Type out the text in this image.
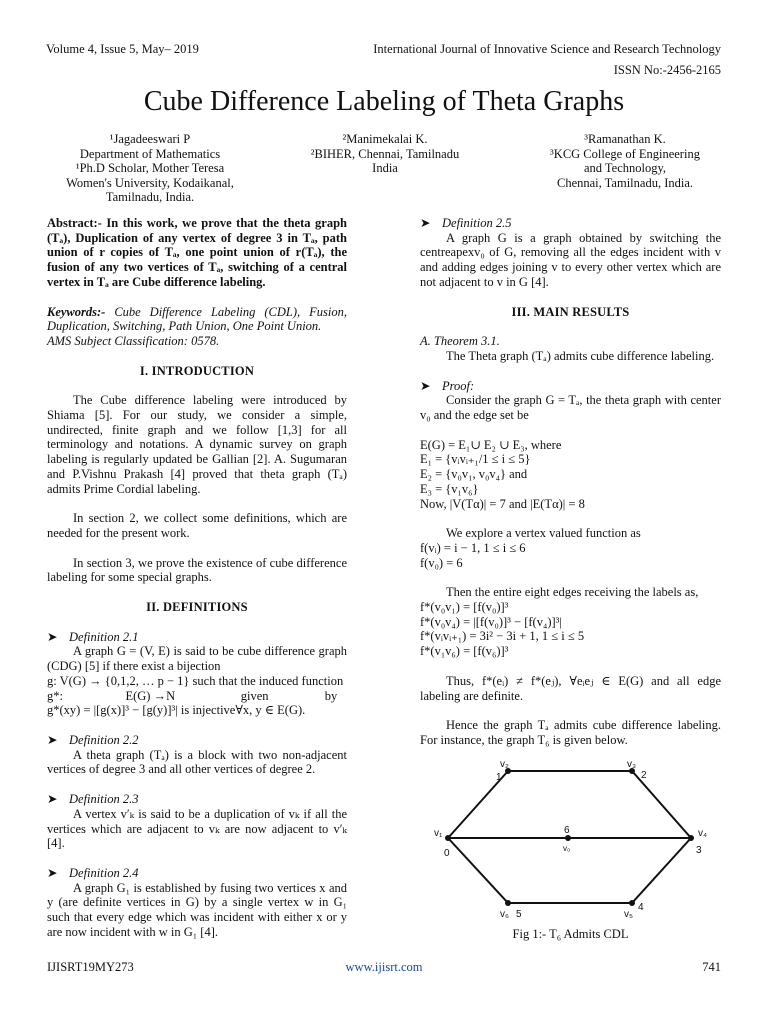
Volume 4, Issue 5, May– 2019	International Journal of Innovative Science and Research Technology
ISSN No:-2456-2165
Cube Difference Labeling of Theta Graphs
¹Jagadeeswari P
Department of Mathematics
¹Ph.D Scholar, Mother Teresa
Women's University, Kodaikanal,
Tamilnadu, India.
²Manimekalai K.
²BIHER, Chennai, Tamilnadu
India
³Ramanathan K.
³KCG College of Engineering
and Technology,
Chennai, Tamilnadu, India.

Abstract:- In this work, we prove that the theta graph (Tₐ), Duplication of any vertex of degree 3 in Tₐ, path union of r copies of Tₐ, one point union of r(Tₐ), the fusion of any two vertices of Tₐ, switching of a central vertex in Tₐ are Cube difference labeling.

Keywords:- Cube Difference Labeling (CDL), Fusion, Duplication, Switching, Path Union, One Point Union.

AMS Subject Classification: 0578.

I. INTRODUCTION

The Cube difference labeling were introduced by Shiama [5]. For our study, we consider a simple, undirected, finite graph and we follow [1,3] for all terminology and notations. A dynamic survey on graph labeling is regularly updated be Gallian [2]. A. Sugumaran and P.Vishnu Prakash [4] proved that theta graph (Tₐ) admits Prime Cordial labeling.

In section 2, we collect some definitions, which are needed for the present work.

In section 3, we prove the existence of cube difference labeling for some special graphs.

II. DEFINITIONS

➤ Definition 2.1

A graph G = (V, E) is said to be cube difference graph (CDG) [5] if there exist a bijection

g: V(G) → {0,1,2, … p − 1} such that the induced function

g*:                    E(G) →N                     given                  by

g*(xy) = |[g(x)]³ − [g(y)]³| is injective∀x, y ∈ E(G).

➤ Definition 2.2

A theta graph (Tₐ) is a block with two non-adjacent vertices of degree 3 and all other vertices of degree 2.

➤ Definition 2.3

A vertex v′ₖ is said to be a duplication of vₖ if all the vertices which are adjacent to vₖ are now adjacent to v′ₖ [4].

➤ Definition 2.4

A graph G₁ is established by fusing two vertices x and y (are definite vertices in G) by a single vertex w in G₁ such that every edge which was incident with either x or y are now incident with w in G₁ [4].

➤ Definition 2.5

A graph G is a graph obtained by switching the centreapexv₀ of G, removing all the edges incident with v and adding edges joining v to every other vertex which are not adjacent to v in G [4].

III. MAIN RESULTS

A. Theorem 3.1.

The Theta graph (Tₐ) admits cube difference labeling.

➤ Proof:

Consider the graph G = Tₐ, the theta graph with center v₀ and the edge set be

E(G) = E₁∪ E₂ ∪ E₃, where

E₁ = {vᵢvᵢ₊₁/1 ≤ i ≤ 5}

E₂ = {v₀v₁, v₀v₄} and

E₃ = {v₁v₆}

Now, |V(Tα)| = 7 and |E(Tα)| = 8

We explore a vertex valued function as

f(vᵢ) = i − 1, 1 ≤ i ≤ 6

f(v₀) = 6

Then the entire eight edges receiving the labels as,

f*(v₀v₁) = [f(v₀)]³

f*(v₀v₄) = |[f(v₀)]³ − [f(v₄)]³|

f*(vᵢvᵢ₊₁) = 3i² − 3i + 1, 1 ≤ i ≤ 5

f*(v₁v₆) = [f(v₆)]³

Thus, f*(eᵢ) ≠ f*(eⱼ), ∀eᵢeⱼ ∈ E(G) and all edge labeling are definite.

Hence the graph Tₐ admits cube difference labeling. For instance, the graph T₆ is given below.

v₁
v₂	v₃
v₄
v₅
v₆
v₀
0
1	2
3
4
5
6
Fig 1:- T₆ Admits CDL
IJISRT19MY273	www.ijisrt.com	741
